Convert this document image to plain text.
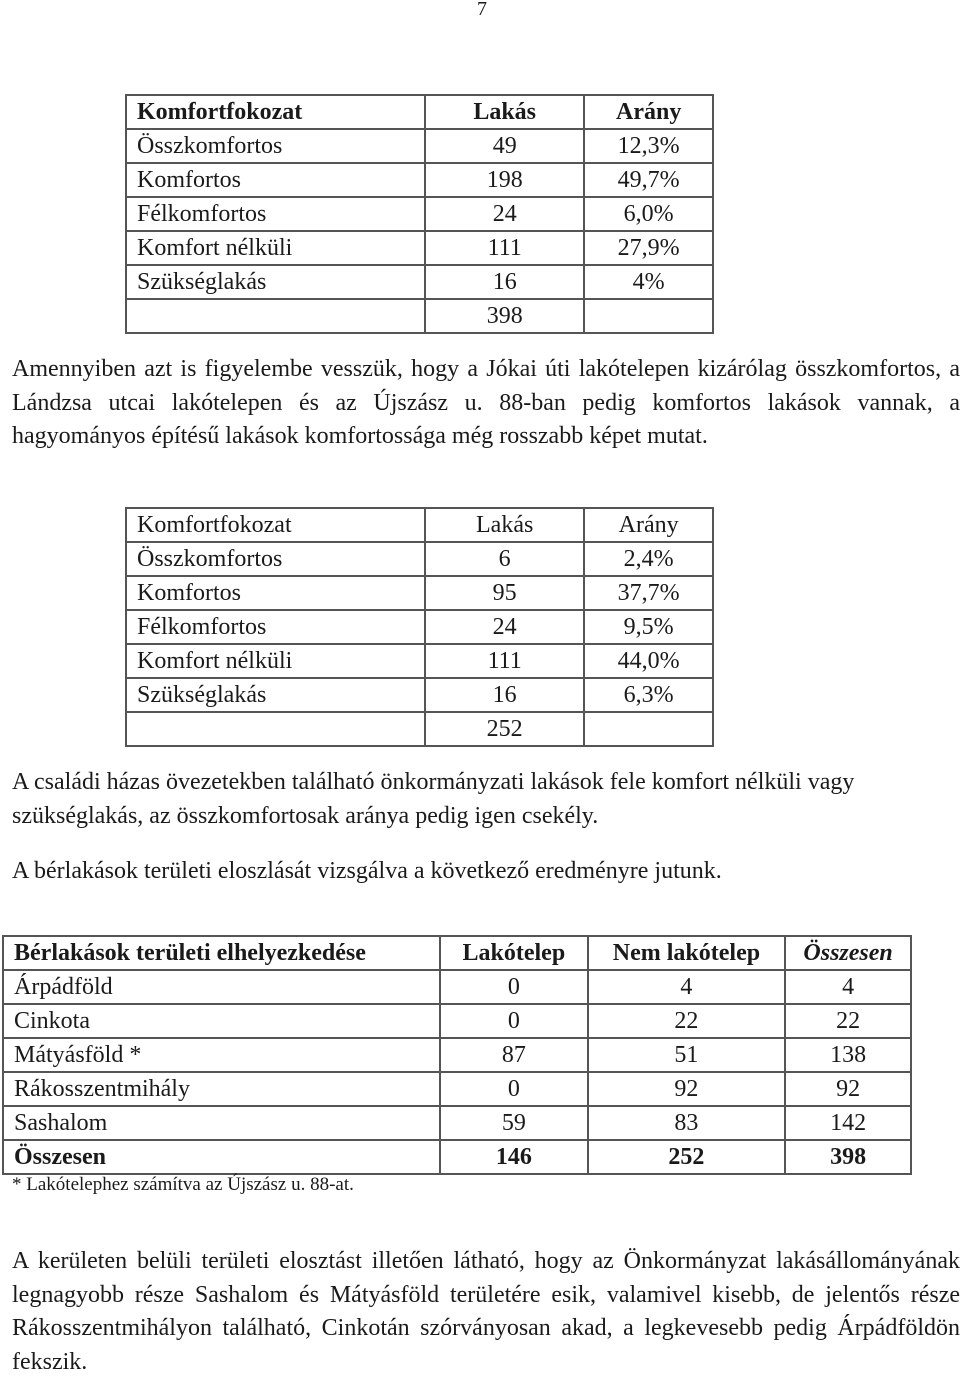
7
Komfortfokozat	Lakás	Arány
Összkomfortos	49	12,3%
Komfortos	198	49,7%
Félkomfortos	24	6,0%
Komfort nélküli	111	27,9%
Szükséglakás	16	4%
	398	

Amennyiben azt is figyelembe vesszük, hogy a Jókai úti lakótelepen kizárólag összkomfortos, a Lándzsa utcai lakótelepen és az Újszász u. 88-ban pedig komfortos lakások vannak, a hagyományos építésű lakások komfortossága még rosszabb képet mutat.

Komfortfokozat	Lakás	Arány
Összkomfortos	6	2,4%
Komfortos	95	37,7%
Félkomfortos	24	9,5%
Komfort nélküli	111	44,0%
Szükséglakás	16	6,3%
	252	

A családi házas övezetekben található önkormányzati lakások fele komfort nélküli vagy szükséglakás, az összkomfortosak aránya pedig igen csekély.

A bérlakások területi eloszlását vizsgálva a következő eredményre jutunk.

Bérlakások területi elhelyezkedése	Lakótelep	Nem lakótelep	Összesen
Árpádföld	0	4	4
Cinkota	0	22	22
Mátyásföld *	87	51	138
Rákosszentmihály	0	92	92
Sashalom	59	83	142
Összesen	146	252	398
* Lakótelephez számítva az Újszász u. 88-at.

A kerületen belüli területi elosztást illetően látható, hogy az Önkormányzat lakásállományának legnagyobb része Sashalom és Mátyásföld területére esik, valamivel kisebb, de jelentős része Rákosszentmihályon található, Cinkotán szórványosan akad, a legkevesebb pedig Árpádföldön fekszik.
